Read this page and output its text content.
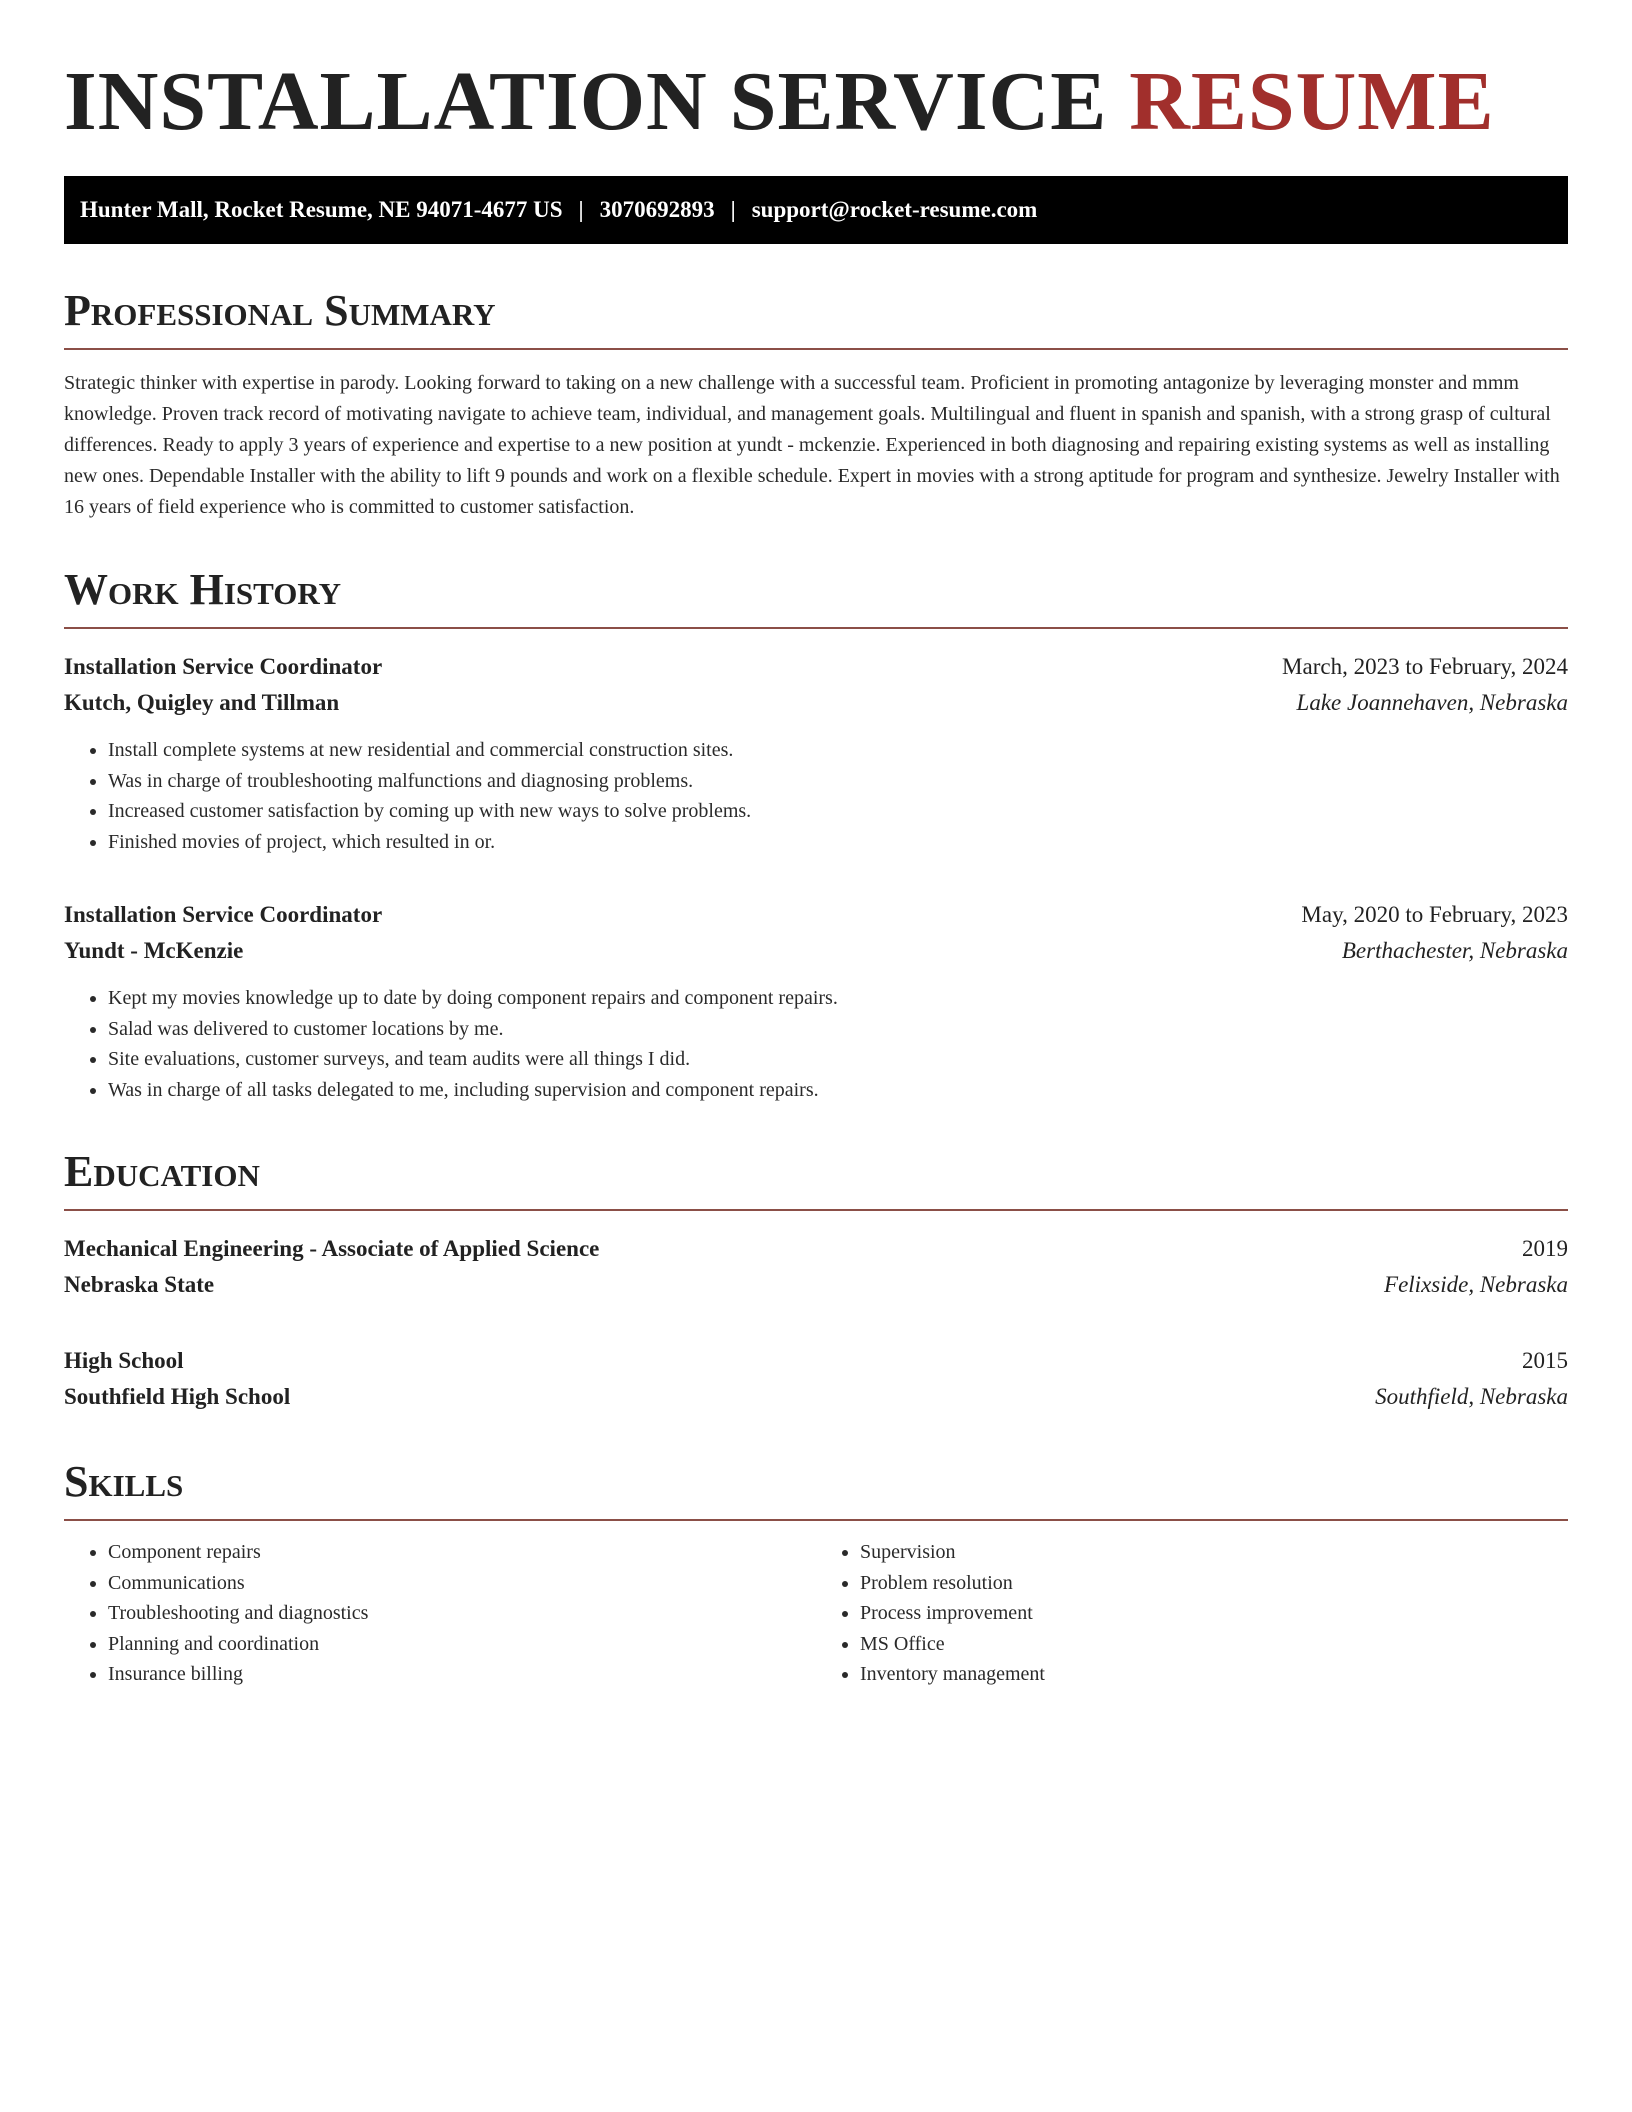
INSTALLATION SERVICE RESUME
Hunter Mall, Rocket Resume, NE 94071-4677 US | 3070692893 | support@rocket-resume.com
Professional Summary

Strategic thinker with expertise in parody. Looking forward to taking on a new challenge with a successful team. Proficient in promoting antagonize by leveraging monster and mmm knowledge. Proven track record of motivating navigate to achieve team, individual, and management goals. Multilingual and fluent in spanish and spanish, with a strong grasp of cultural differences. Ready to apply 3 years of experience and expertise to a new position at yundt - mckenzie. Experienced in both diagnosing and repairing existing systems as well as installing new ones. Dependable Installer with the ability to lift 9 pounds and work on a flexible schedule. Expert in movies with a strong aptitude for program and synthesize. Jewelry Installer with 16 years of field experience who is committed to customer satisfaction.

Work History
Installation Service Coordinator	March, 2023 to February, 2024
Kutch, Quigley and Tillman	Lake Joannehaven, Nebraska
• Install complete systems at new residential and commercial construction sites.
• Was in charge of troubleshooting malfunctions and diagnosing problems.
• Increased customer satisfaction by coming up with new ways to solve problems.
• Finished movies of project, which resulted in or.
Installation Service Coordinator	May, 2020 to February, 2023
Yundt - McKenzie	Berthachester, Nebraska
• Kept my movies knowledge up to date by doing component repairs and component repairs.
• Salad was delivered to customer locations by me.
• Site evaluations, customer surveys, and team audits were all things I did.
• Was in charge of all tasks delegated to me, including supervision and component repairs.
Education
Mechanical Engineering - Associate of Applied Science	2019
Nebraska State	Felixside, Nebraska
High School	2015
Southfield High School	Southfield, Nebraska
Skills
• Component repairs
• Communications
• Troubleshooting and diagnostics
• Planning and coordination
• Insurance billing
• Supervision
• Problem resolution
• Process improvement
• MS Office
• Inventory management
